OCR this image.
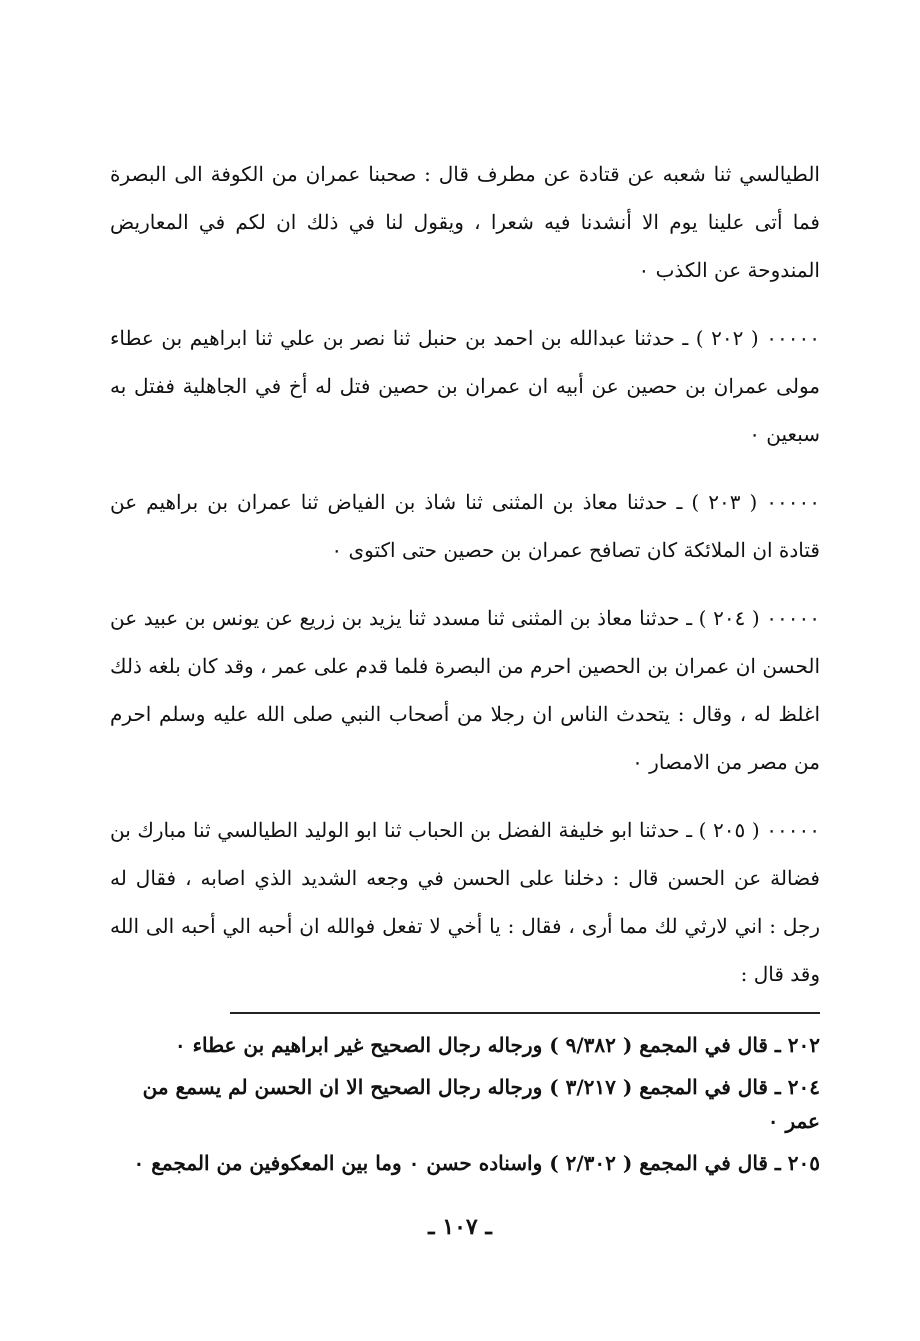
الطيالسي ثنا شعبه عن قتادة عن مطرف قال : صحبنا عمران من الكوفة الى البصرة فما أتى علينا يوم الا أنشدنا فيه شعرا ، ويقول لنا في ذلك ان لكم في المعاريض المندوحة عن الكذب ٠

٠٠٠٠٠ ( ٢٠٢ ) ـ حدثنا عبدالله بن احمد بن حنبل ثنا نصر بن علي ثنا ابراهيم بن عطاء مولى عمران بن حصين عن أبيه ان عمران بن حصين فتل له أخ في الجاهلية ففتل به سبعين ٠

٠٠٠٠٠ ( ٢٠٣ ) ـ حدثنا معاذ بن المثنى ثنا شاذ بن الفياض ثنا عمران بن براهيم عن قتادة ان الملائكة كان تصافح عمران بن حصين حتى اكتوى ٠

٠٠٠٠٠ ( ٢٠٤ ) ـ حدثنا معاذ بن المثنى ثنا مسدد ثنا يزيد بن زريع عن يونس بن عبيد عن الحسن ان عمران بن الحصين احرم من البصرة فلما قدم على عمر ، وقد كان بلغه ذلك اغلظ له ، وقال : يتحدث الناس ان رجلا من أصحاب النبي صلى الله عليه وسلم احرم من مصر من الامصار ٠

٠٠٠٠٠ ( ٢٠٥ ) ـ حدثنا ابو خليفة الفضل بن الحباب ثنا ابو الوليد الطيالسي ثنا مبارك بن فضالة عن الحسن قال : دخلنا على الحسن في وجعه الشديد الذي اصابه ، فقال له رجل : اني لارثي لك مما أرى ، فقال : يا أخي لا تفعل فوالله ان أحبه الي أحبه الى الله وقد قال :

٢٠٢ ـ قال في المجمع ( ٩/٣٨٢ ) ورجاله رجال الصحيح غير ابراهيم بن عطاء ٠

٢٠٤ ـ قال في المجمع ( ٣/٢١٧ ) ورجاله رجال الصحيح الا ان الحسن لم يسمع من عمر ٠

٢٠٥ ـ قال في المجمع ( ٢/٣٠٢ ) واسناده حسن ٠ وما بين المعكوفين من المجمع ٠

ـ ١٠٧ ـ
